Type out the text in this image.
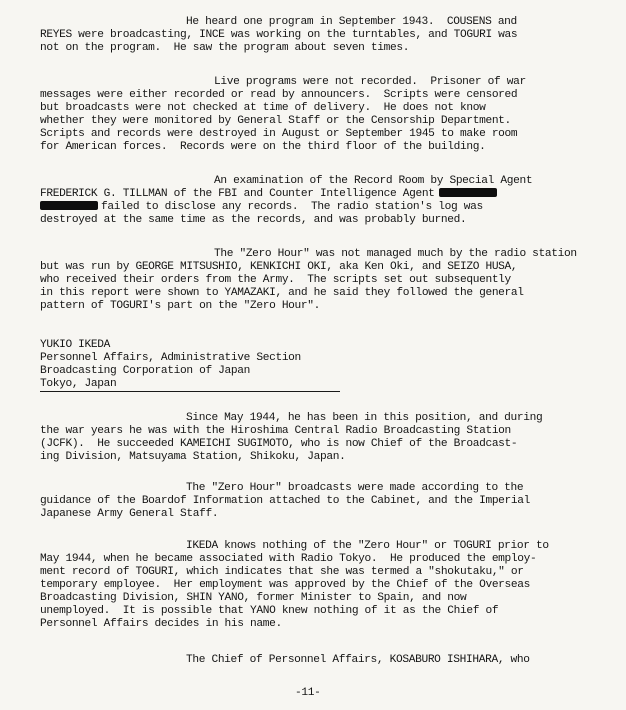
He heard one program in September 1943.  COUSENS and
REYES were broadcasting, INCE was working on the turntables, and TOGURI was
not on the program.  He saw the program about seven times.
Live programs were not recorded.  Prisoner of war
messages were either recorded or read by announcers.  Scripts were censored
but broadcasts were not checked at time of delivery.  He does not know
whether they were monitored by General Staff or the Censorship Department.
Scripts and records were destroyed in August or September 1945 to make room
for American forces.  Records were on the third floor of the building.
An examination of the Record Room by Special Agent
FREDERICK G. TILLMAN of the FBI and Counter Intelligence Agent
failed to disclose any records.  The radio station's log was
destroyed at the same time as the records, and was probably burned.
The "Zero Hour" was not managed much by the radio station
but was run by GEORGE MITSUSHIO, KENKICHI OKI, aka Ken Oki, and SEIZO HUSA,
who received their orders from the Army.  The scripts set out subsequently
in this report were shown to YAMAZAKI, and he said they followed the general
pattern of TOGURI's part on the "Zero Hour".
YUKIO IKEDA
Personnel Affairs, Administrative Section
Broadcasting Corporation of Japan
Tokyo, Japan
Since May 1944, he has been in this position, and during
the war years he was with the Hiroshima Central Radio Broadcasting Station
(JCFK).  He succeeded KAMEICHI SUGIMOTO, who is now Chief of the Broadcast-
ing Division, Matsuyama Station, Shikoku, Japan.
The "Zero Hour" broadcasts were made according to the
guidance of the Boardof Information attached to the Cabinet, and the Imperial
Japanese Army General Staff.
IKEDA knows nothing of the "Zero Hour" or TOGURI prior to
May 1944, when he became associated with Radio Tokyo.  He produced the employ-
ment record of TOGURI, which indicates that she was termed a "shokutaku," or
temporary employee.  Her employment was approved by the Chief of the Overseas
Broadcasting Division, SHIN YANO, former Minister to Spain, and now
unemployed.  It is possible that YANO knew nothing of it as the Chief of
Personnel Affairs decides in his name.
The Chief of Personnel Affairs, KOSABURO ISHIHARA, who
-11-
